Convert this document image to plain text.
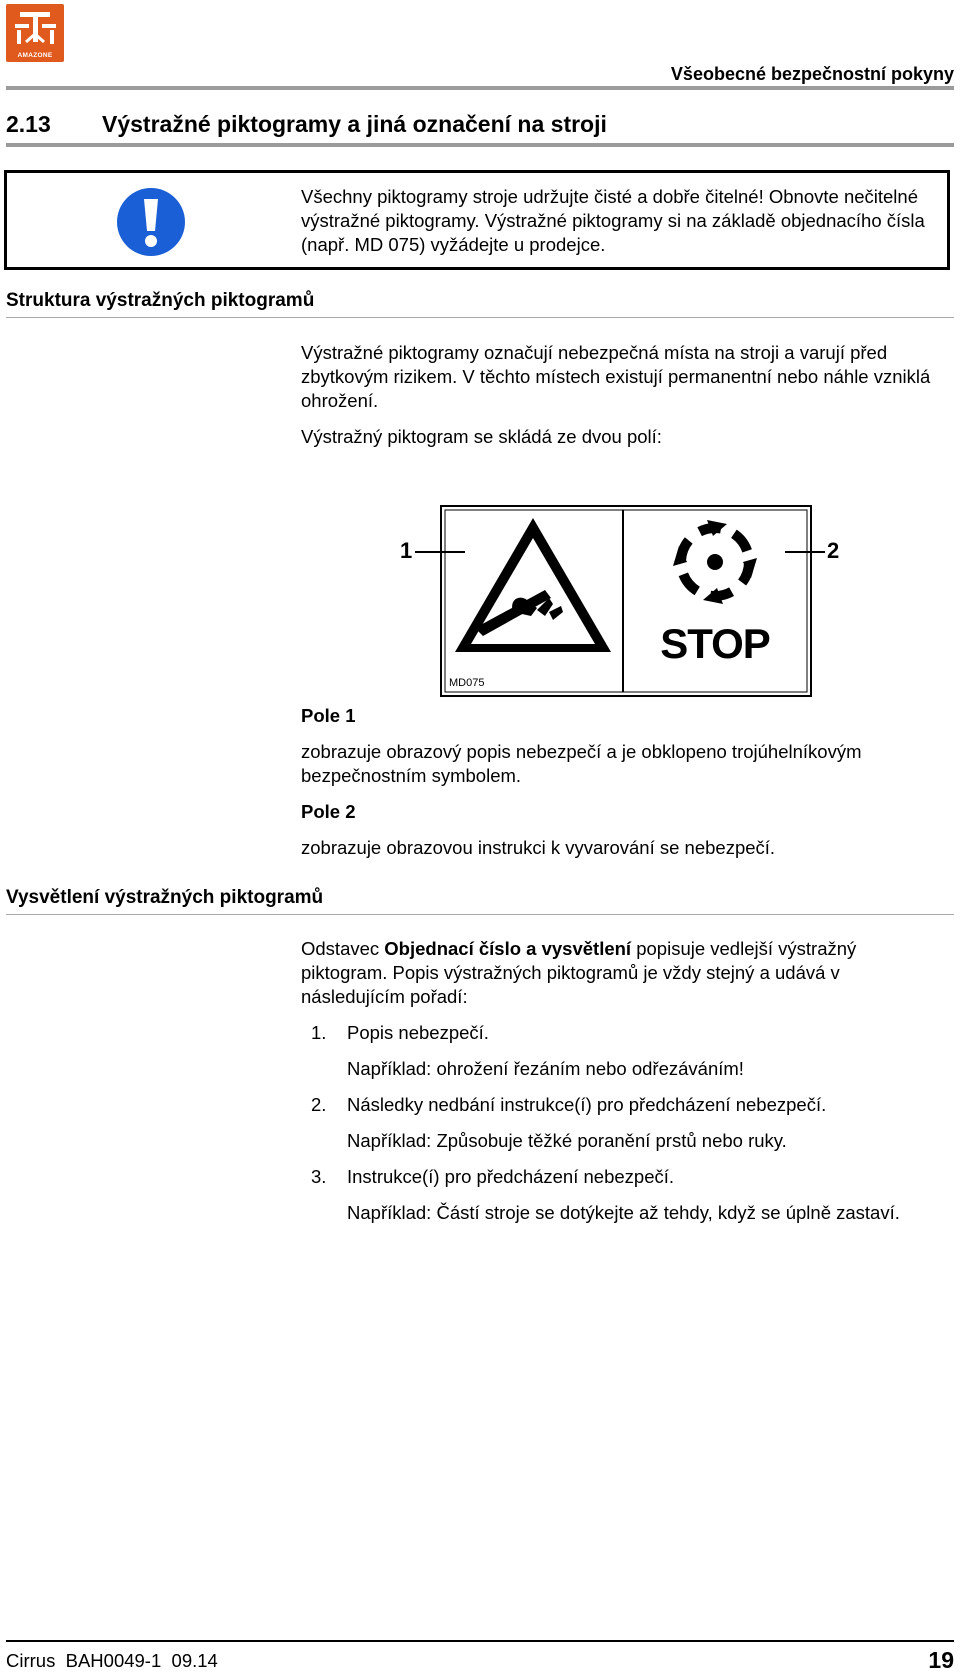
AMAZONE
Všeobecné bezpečnostní pokyny
2.13 Výstražné piktogramy a jiná označení na stroji
Všechny piktogramy stroje udržujte čisté a dobře čitelné! Obnovte nečitelné výstražné piktogramy. Výstražné piktogramy si na základě objednacího čísla (např. MD 075) vyžádejte u prodejce.
Struktura výstražných piktogramů

Výstražné piktogramy označují nebezpečná místa na stroji a varují před zbytkovým rizikem. V těchto místech existují permanentní nebo náhle vzniklá ohrožení.

Výstražný piktogram se skládá ze dvou polí:

1	2
STOP
MD075

Pole 1

zobrazuje obrazový popis nebezpečí a je obklopeno trojúhelníkovým bezpečnostním symbolem.

Pole 2

zobrazuje obrazovou instrukci k vyvarování se nebezpečí.

Vysvětlení výstražných piktogramů

Odstavec Objednací číslo a vysvětlení popisuje vedlejší výstražný piktogram. Popis výstražných piktogramů je vždy stejný a udává v následujícím pořadí:

1. Popis nebezpečí.

Například: ohrožení řezáním nebo odřezáváním!

2. Následky nedbání instrukce(í) pro předcházení nebezpečí.

Například: Způsobuje těžké poranění prstů nebo ruky.

3. Instrukce(í) pro předcházení nebezpečí.

Například: Částí stroje se dotýkejte až tehdy, když se úplně zastaví.

Cirrus  BAH0049-1  09.14	19
